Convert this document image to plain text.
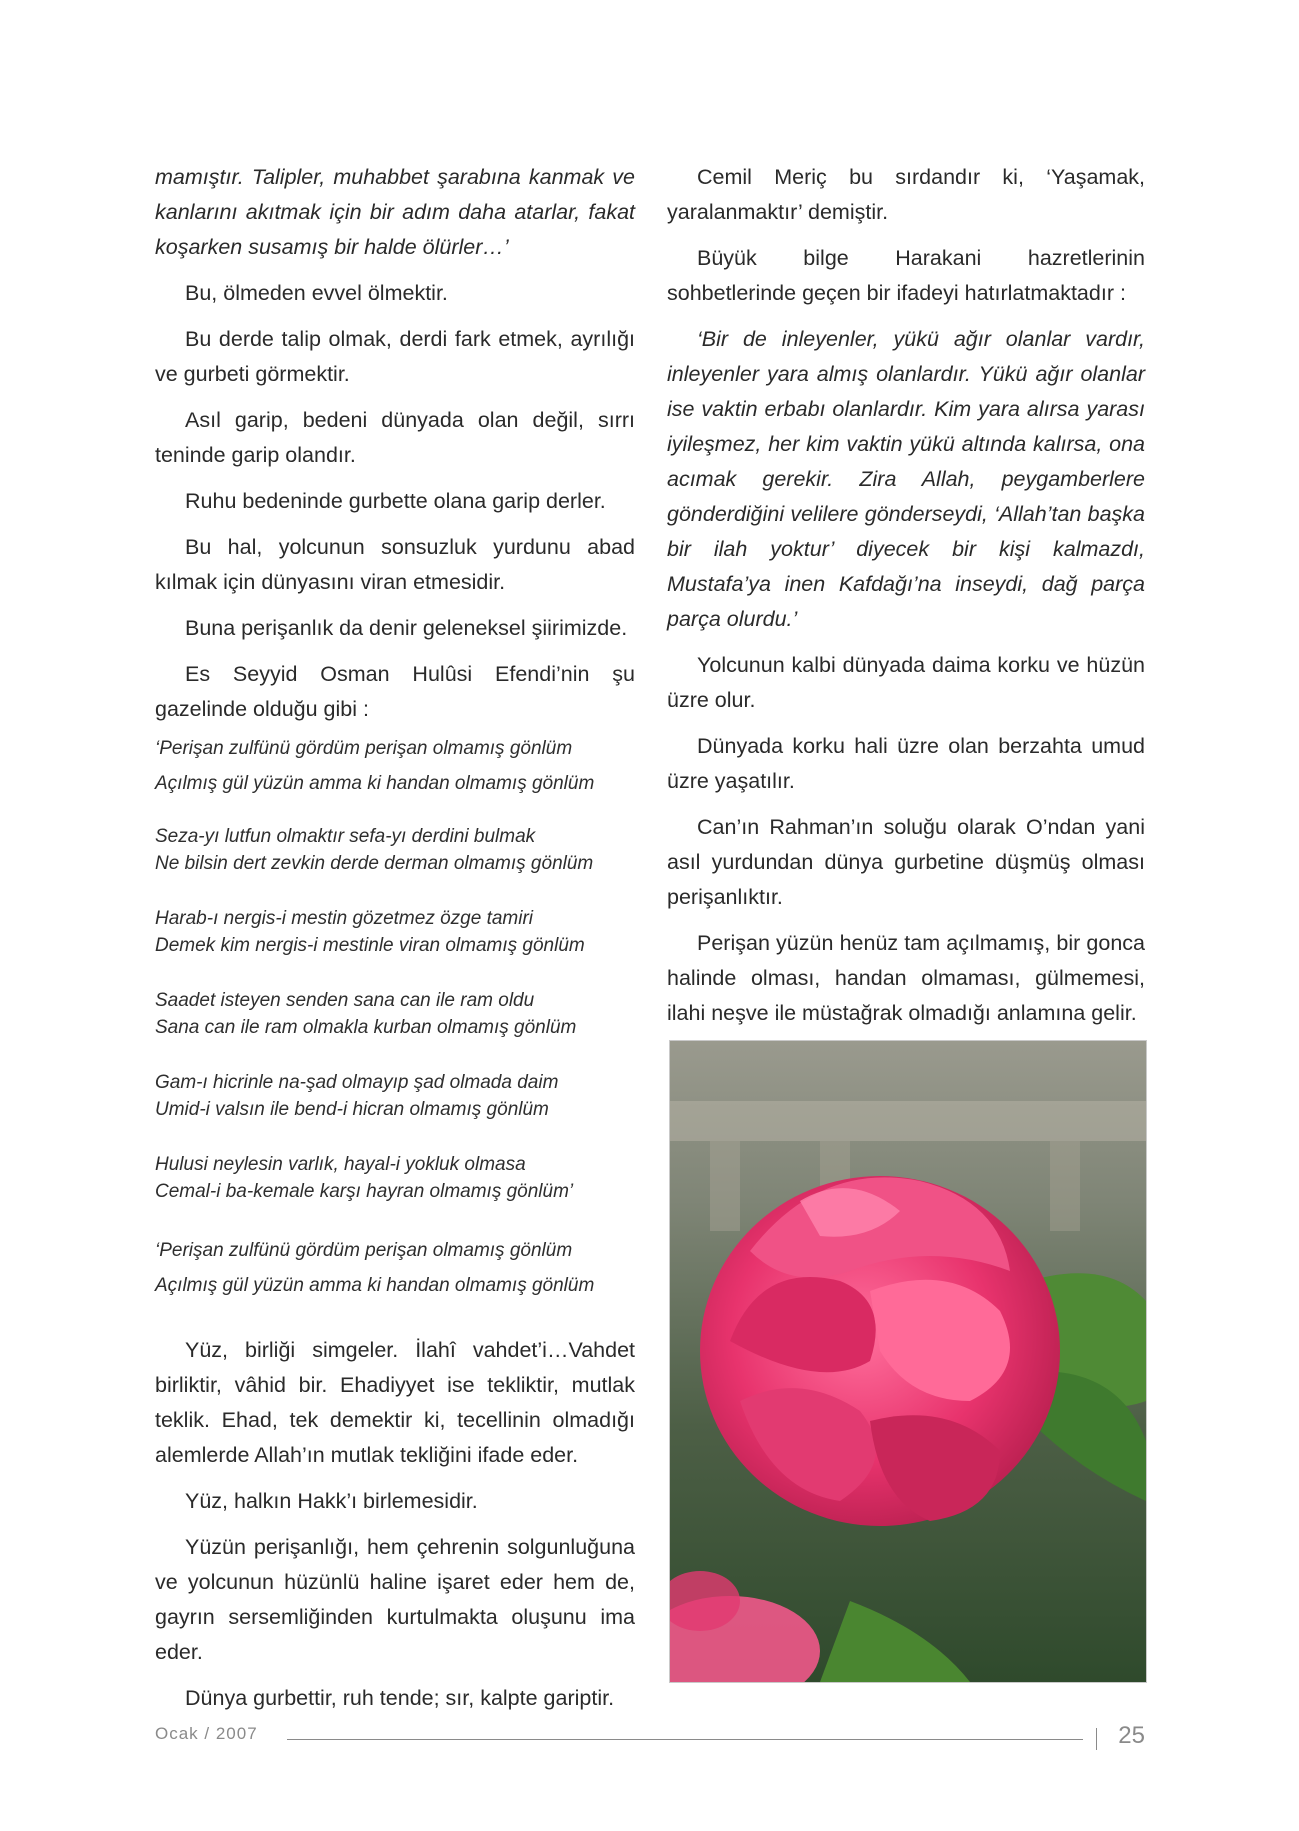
mamıştır. Talipler, muhabbet şarabına kanmak ve kanlarını akıtmak için bir adım daha atarlar, fakat koşarken susamış bir halde ölürler…’

Bu, ölmeden evvel ölmektir.

Bu derde talip olmak, derdi fark etmek, ayrılığı ve gurbeti görmektir.

Asıl garip, bedeni dünyada olan değil, sırrı teninde garip olandır.

Ruhu bedeninde gurbette olana garip derler.

Bu hal, yolcunun sonsuzluk yurdunu abad kılmak için dünyasını viran etmesidir.

Buna perişanlık da denir geleneksel şiirimizde.

Es Seyyid Osman Hulûsi Efendi’nin şu gazelinde olduğu gibi :

‘Perişan zulfünü gördüm perişan olmamış gönlüm
Açılmış gül yüzün amma ki handan olmamış gönlüm
Seza-yı lutfun olmaktır sefa-yı derdini bulmak
Ne bilsin dert zevkin derde derman olmamış gönlüm
Harab-ı nergis-i mestin gözetmez özge tamiri
Demek kim nergis-i mestinle viran olmamış gönlüm
Saadet isteyen senden sana can ile ram oldu
Sana can ile ram olmakla kurban olmamış gönlüm
Gam-ı hicrinle na-şad olmayıp şad olmada daim
Umid-i valsın ile bend-i hicran olmamış gönlüm
Hulusi neylesin varlık, hayal-i yokluk olmasa
Cemal-i ba-kemale karşı hayran olmamış gönlüm’
‘Perişan zulfünü gördüm perişan olmamış gönlüm
Açılmış gül yüzün amma ki handan olmamış gönlüm

Yüz, birliği simgeler. İlahî vahdet’i…Vahdet birliktir, vâhid bir. Ehadiyyet ise tekliktir, mutlak teklik. Ehad, tek demektir ki, tecellinin olmadığı alemlerde Allah’ın mutlak tekliğini ifade eder.

Yüz, halkın Hakk’ı birlemesidir.

Yüzün perişanlığı, hem çehrenin solgunluğuna ve yolcunun hüzünlü haline işaret eder hem de, gayrın sersemliğinden kurtulmakta oluşunu ima eder.

Dünya gurbettir, ruh tende; sır, kalpte gariptir.

Cemil Meriç bu sırdandır ki, ‘Yaşamak, yaralanmaktır’ demiştir.

Büyük bilge Harakani hazretlerinin sohbetlerinde geçen bir ifadeyi hatırlatmaktadır :

‘Bir de inleyenler, yükü ağır olanlar vardır, inleyenler yara almış olanlardır. Yükü ağır olanlar ise vaktin erbabı olanlardır. Kim yara alırsa yarası iyileşmez, her kim vaktin yükü altında kalırsa, ona acımak gerekir. Zira Allah, peygamberlere gönderdiğini velilere gönderseydi, ‘Allah’tan başka bir ilah yoktur’ diyecek bir kişi kalmazdı, Mustafa’ya inen Kafdağı’na inseydi, dağ parça parça olurdu.’

Yolcunun kalbi dünyada daima korku ve hüzün üzre olur.

Dünyada korku hali üzre olan berzahta umud üzre yaşatılır.

Can’ın Rahman’ın soluğu olarak O’ndan yani asıl yurdundan dünya gurbetine düşmüş olması perişanlıktır.

Perişan yüzün henüz tam açılmamış, bir gonca halinde olması, handan olmaması, gülmemesi, ilahi neşve ile müstağrak olmadığı anlamına gelir.

Ocak / 2007	25
